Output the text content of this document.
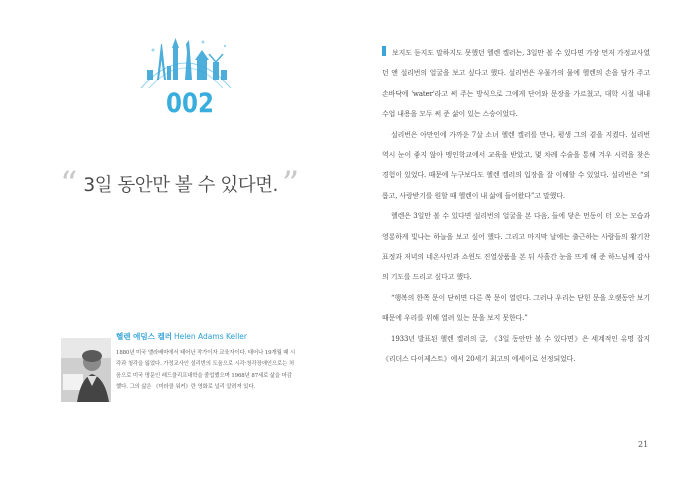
002
“ 3일 동안만 볼 수 있다면. ”
헬렌 애덤스 켈러 Helen Adams Keller
1880년 미국 앨라배마에서 태어난 작가이자 교육자이다. 태어나 19개월 때 시각과 청각을 잃었다. 가정교사인 설리번의 도움으로 시각·청각장애인으로는 처음으로 미국 명문인 래드클리프대학을 졸업했으며 1968년 87세로 삶을 마감했다. 그의 삶은 《미라클 워커》란 영화로 널리 알려져 있다.

보지도 듣지도 말하지도 못했던 헬렌 켈러는, 3일만 볼 수 있다면 가장 먼저 가정교사였던 앤 설리번의 얼굴을 보고 싶다고 했다. 설리번은 우물가의 물에 헬렌의 손을 담가 주고 손바닥에 'water'라고 써 주는 방식으로 그에게 단어와 문장을 가르쳤고, 대학 시절 내내 수업 내용을 모두 써 준 삶이 있는 스승이었다.

설리번은 아만인에 가까운 7살 소녀 헬렌 켈러를 만나, 평생 그의 곁을 지켰다. 설리번 역시 눈이 좋지 않아 맹인학교에서 교육을 받았고, 몇 차례 수술을 통해 겨우 시력을 찾은 경험이 있었다. 때문에 누구보다도 헬렌 켈러의 입장을 잘 이해할 수 있었다. 설리번은 “외롭고, 사랑받기를 원할 때 헬렌이 내 삶에 들어왔다”고 말했다.

헬렌은 3일만 볼 수 있다면 설리번의 얼굴을 본 다음, 들에 닿은 먼동이 터 오는 모습과 영롱하게 빛나는 하늘을 보고 싶어 했다. 그리고 마지막 날에는 출근하는 사람들의 활기찬 표정과 저녁의 네온사인과 쇼윈도 진열상품을 본 뒤 사흘간 눈을 뜨게 해 준 하느님께 감사의 기도를 드리고 싶다고 했다.

“행복의 한쪽 문이 닫히면 다른 쪽 문이 열린다. 그러나 우리는 닫힌 문을 오랫동안 보기 때문에 우리를 위해 열려 있는 문을 보지 못한다.”

1933년 발표된 헬렌 켈러의 글, 《3일 동안만 볼 수 있다면》은 세계적인 유명 잡지 《리더스 다이제스트》에서 20세기 최고의 에세이로 선정되었다.

21
